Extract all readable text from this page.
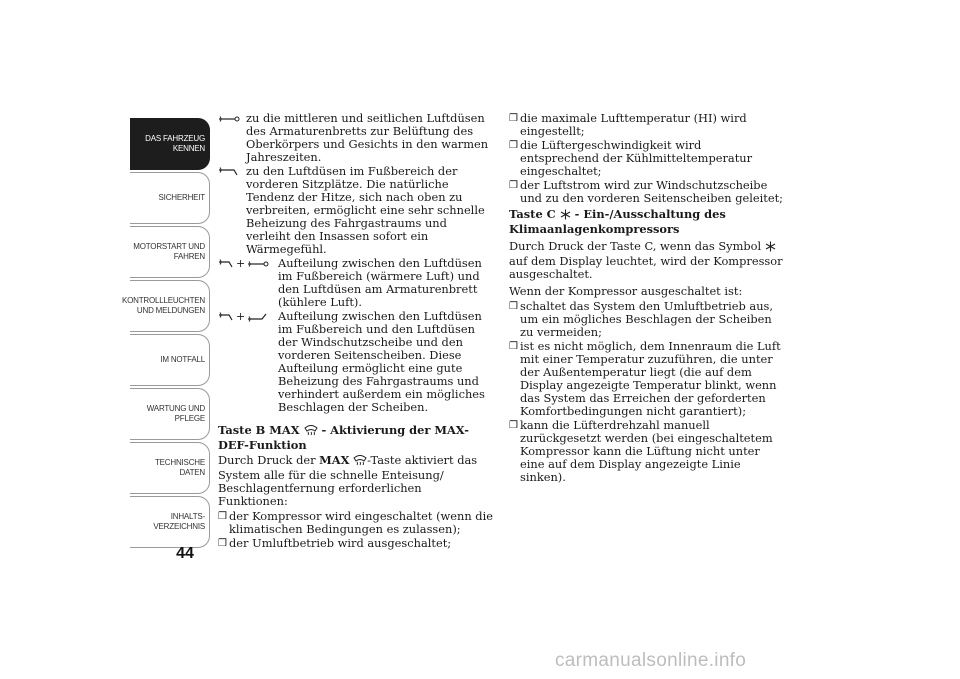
DAS FAHRZEUG
KENNEN
SICHERHEIT
MOTORSTART UND
FAHREN
KONTROLLLEUCHTEN
UND MELDUNGEN
IM NOTFALL
WARTUNG UND
PFLEGE
TECHNISCHE
DATEN
INHALTS-
VERZEICHNIS
44
zu die mittleren und seitlichen Luftdüsen des Armaturenbretts zur Belüftung des Oberkörpers und Gesichts in den warmen Jahreszeiten.
zu den Luftdüsen im Fußbereich der vorderen Sitzplätze. Die natürliche Tendenz der Hitze, sich nach oben zu verbreiten, ermöglicht eine sehr schnelle Beheizung des Fahrgastraums und verleiht den Insassen sofort ein Wärmegefühl.
+	Aufteilung zwischen den Luftdüsen im Fußbereich (wärmere Luft) und den Luftdüsen am Armaturenbrett (kühlere Luft).
+	Aufteilung zwischen den Luftdüsen im Fußbereich und den Luftdüsen der Windschutzscheibe und den vorderen Seitenscheiben. Diese Aufteilung ermöglicht eine gute Beheizung des Fahrgastraums und verhindert außerdem ein mögliches Beschlagen der Scheiben.
Taste B MAX - Aktivierung der MAX-DEF-Funktion
Durch Druck der MAX -Taste aktiviert das System alle für die schnelle Enteisung/ Beschlagentfernung erforderlichen Funktionen:
❒ der Kompressor wird eingeschaltet (wenn die klimatischen Bedingungen es zulassen);
❒ der Umluftbetrieb wird ausgeschaltet;
❒ die maximale Lufttemperatur (HI) wird eingestellt;
❒ die Lüftergeschwindigkeit wird entsprechend der Kühlmitteltemperatur eingeschaltet;
❒ der Luftstrom wird zur Windschutzscheibe und zu den vorderen Seitenscheiben geleitet;
Taste C - Ein-/Ausschaltung des Klimaanlagenkompressors
Durch Druck der Taste C, wenn das Symbol  auf dem Display leuchtet, wird der Kompressor ausgeschaltet.
Wenn der Kompressor ausgeschaltet ist:
❒ schaltet das System den Umluftbetrieb aus, um ein mögliches Beschlagen der Scheiben zu vermeiden;
❒ ist es nicht möglich, dem Innenraum die Luft mit einer Temperatur zuzuführen, die unter der Außentemperatur liegt (die auf dem Display angezeigte Temperatur blinkt, wenn das System das Erreichen der geforderten Komfortbedingungen nicht garantiert);
❒ kann die Lüfterdrehzahl manuell zurückgesetzt werden (bei eingeschaltetem Kompressor kann die Lüftung nicht unter eine auf dem Display angezeigte Linie sinken).
carmanualsonline.info
